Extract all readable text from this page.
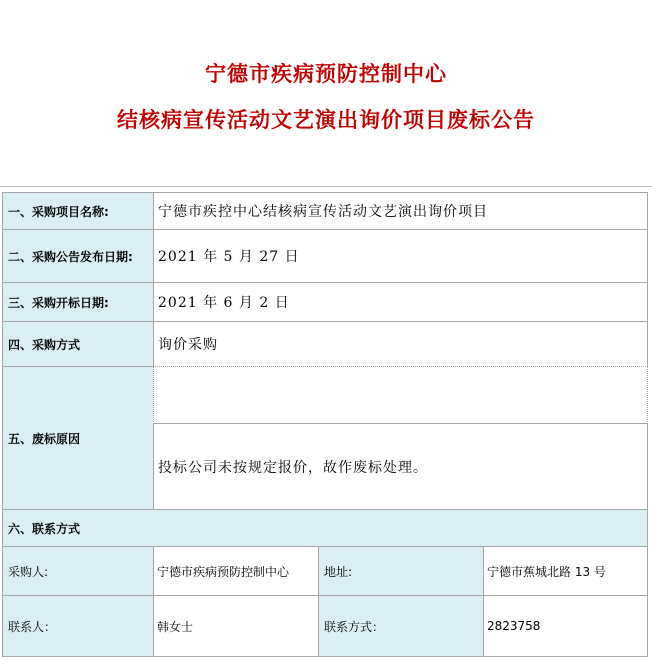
宁德市疾病预防控制中心
结核病宣传活动文艺演出询价项目废标公告
一、采购项目名称:	宁德市疾控中心结核病宣传活动文艺演出询价项目
二、采购公告发布日期:	2021 年 5 月 27 日
三、采购开标日期:	2021 年 6 月 2 日
四、采购方式	询价采购
五、废标原因
投标公司未按规定报价，故作废标处理。
六、联系方式
采购人:	宁德市疾病预防控制中心	地址:	宁德市蕉城北路 13 号
联系人：	韩女士	联系方式：	2823758
